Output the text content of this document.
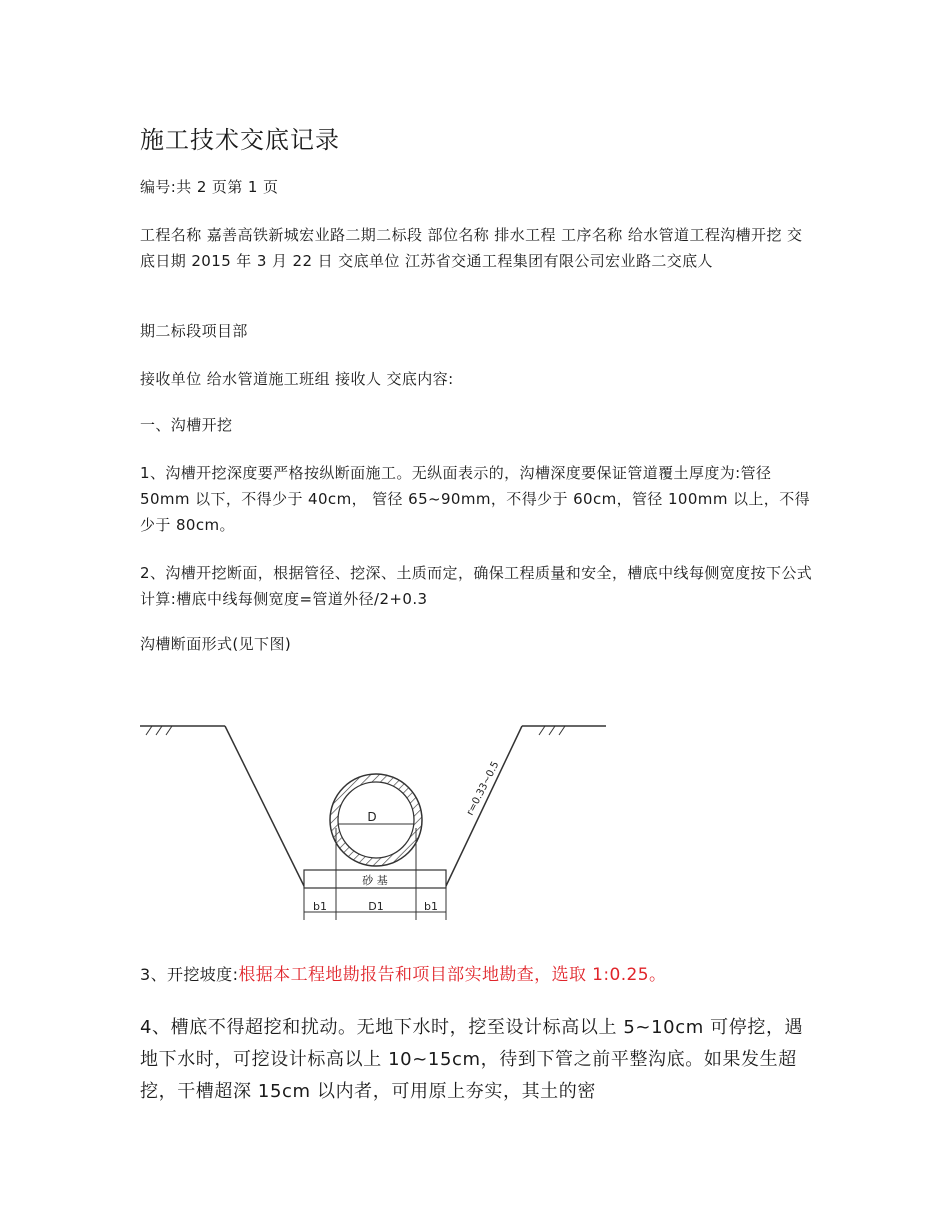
施工技术交底记录

编号:共 2 页第 1 页

工程名称 嘉善高铁新城宏业路二期二标段 部位名称 排水工程 工序名称 给水管道工程沟槽开挖 交底日期 2015 年 3 月 22 日 交底单位 江苏省交通工程集团有限公司宏业路二交底人

期二标段项目部

接收单位 给水管道施工班组 接收人 交底内容:

一、沟槽开挖

1、沟槽开挖深度要严格按纵断面施工。无纵面表示的，沟槽深度要保证管道覆土厚度为:管径 50mm 以下，不得少于 40cm， 管径 65~90mm，不得少于 60cm，管径 100mm 以上，不得少于 80cm。

2、沟槽开挖断面，根据管径、挖深、土质而定，确保工程质量和安全，槽底中线每侧宽度按下公式计算:槽底中线每侧宽度=管道外径/2+0.3

沟槽断面形式(见下图)

3、开挖坡度:根据本工程地勘报告和项目部实地勘查，选取 1:0.25。

4、槽底不得超挖和扰动。无地下水时，挖至设计标高以上 5~10cm 可停挖，遇地下水时，可挖设计标高以上 10~15cm，待到下管之前平整沟底。如果发生超挖，干槽超深 15cm 以内者，可用原上夯实，其土的密

砂 基
D	r=0.33~0.5
b1	D1	b1
